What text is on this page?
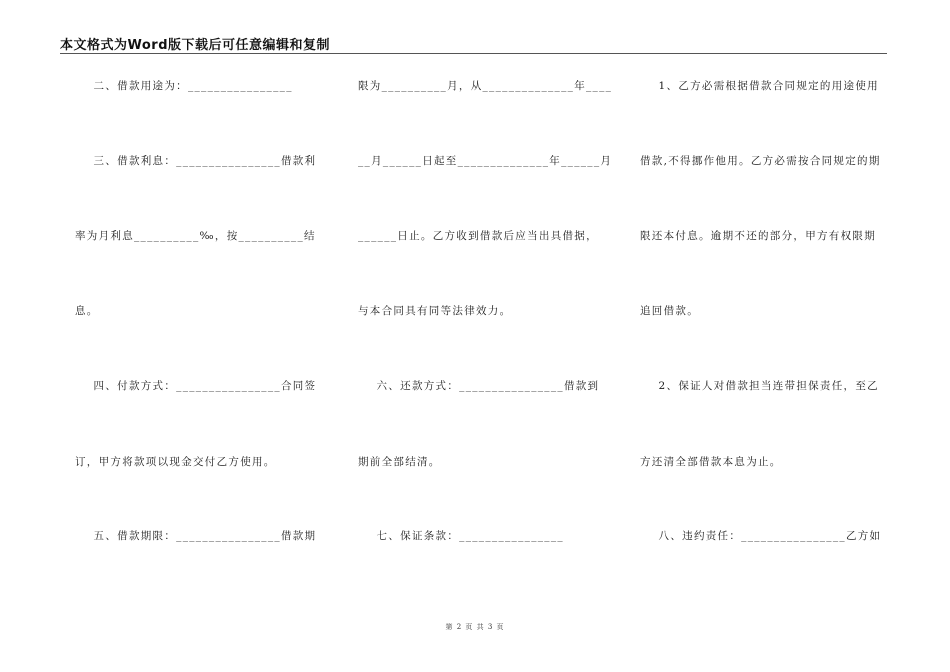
本文格式为Word版下载后可任意编辑和复制
二、借款用途为：________________
三、借款利息：________________借款利
率为月利息__________‰，按__________结
息。
四、付款方式：________________合同签
订，甲方将款项以现金交付乙方使用。
五、借款期限：________________借款期
限为__________月，从______________年____
__月______日起至______________年______月
______日止。乙方收到借款后应当出具借据，
与本合同具有同等法律效力。
六、还款方式：________________借款到
期前全部结清。
七、保证条款：________________
1、乙方必需根据借款合同规定的用途使用
借款,不得挪作他用。乙方必需按合同规定的期
限还本付息。逾期不还的部分，甲方有权限期
追回借款。
2、保证人对借款担当连带担保责任，至乙
方还清全部借款本息为止。
八、违约责任：________________乙方如
第 2 页 共 3 页
